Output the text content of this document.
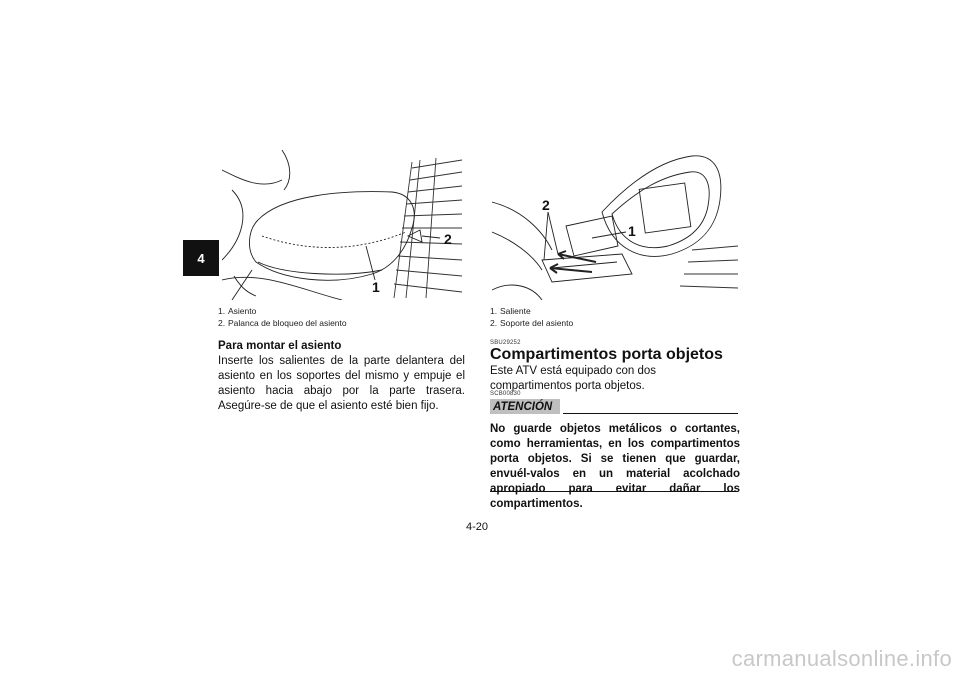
4
1
2
2
1
1. Asiento
2. Palanca de bloqueo del asiento
1. Saliente
2. Soporte del asiento
Para montar el asiento
Inserte los salientes de la parte delantera del asiento en los soportes del mismo y empuje el asiento hacia abajo por la parte trasera. Asegúre-se de que el asiento esté bien fijo.
SBU29252
Compartimentos porta objetos
Este ATV está equipado con dos compartimentos porta objetos.
SCB00830
ATENCIÓN
No guarde objetos metálicos o cortantes, como herramientas, en los compartimentos porta objetos. Si se tienen que guardar, envuél-valos en un material acolchado apropiado para evitar dañar los compartimentos.
4-20
carmanualsonline.info
